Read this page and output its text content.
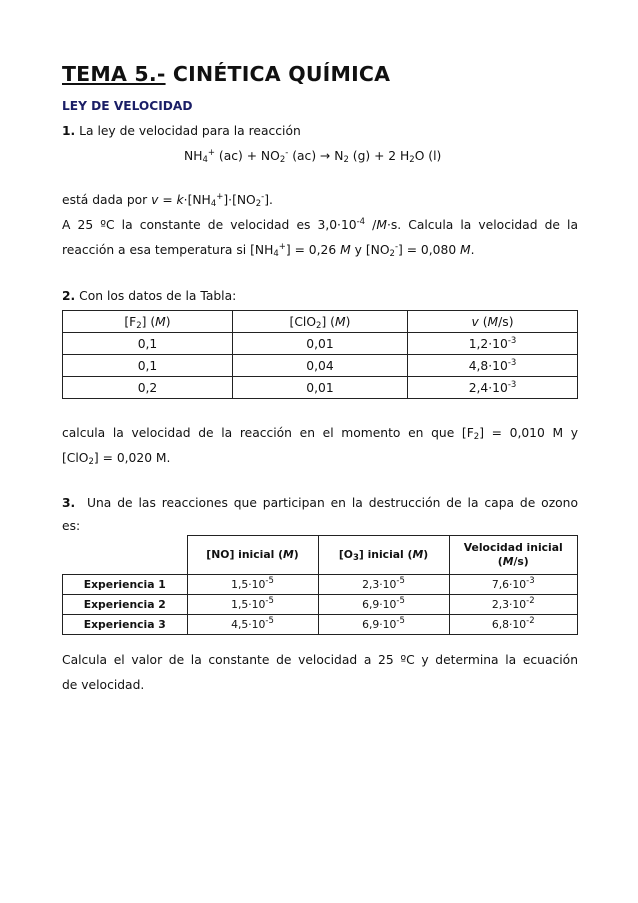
TEMA 5.- CINÉTICA QUÍMICA
LEY DE VELOCIDAD
1. La ley de velocidad para la reacción
$NH_4^+$ $(ac) + NO_2^-$ $(ac) \to N_2$ (g) + 2 $H_2O$ (l)
está dada por $v = k\cdot[NH_4^+]\cdot[NO_2^-]$.
A 25 ºC la constante de velocidad es $3,0\cdot 10^{-4}$ /M·s. Calcula la velocidad de la
reacción a esa temperatura si $[NH_4^+] = 0,26$ M y $[NO_2^-] = 0,080$ M.
2. Con los datos de la Tabla:
$[F_2]$ (M)	[ClO$_2$] (M)	v (M/s)
0,1	0,01	$1,2\cdot 10^{-3}$
0,1	0,04	$4,8\cdot 10^{-3}$
0,2	0,01	$2,4\cdot 10^{-3}$
calcula la velocidad de la reacción en el momento en que $[F_2] = 0,010$ M y
[ClO$_2$] = 0,020 M.
3. Una de las reacciones que participan en la destrucción de la capa de ozono
es:
	[NO] inicial (M)	$[O_3]$ inicial (M)	Velocidad inicial
(M/s)
Experiencia 1	$1,5\cdot 10^{-5}$	$2,3\cdot 10^{-5}$	$7,6\cdot 10^{-3}$
Experiencia 2	$1,5\cdot 10^{-5}$	$6,9\cdot 10^{-5}$	$2,3\cdot 10^{-2}$
Experiencia 3	$4,5\cdot 10^{-5}$	$6,9\cdot 10^{-5}$	$6,8\cdot 10^{-2}$
Calcula el valor de la constante de velocidad a 25 ºC y determina la ecuación
de velocidad.
